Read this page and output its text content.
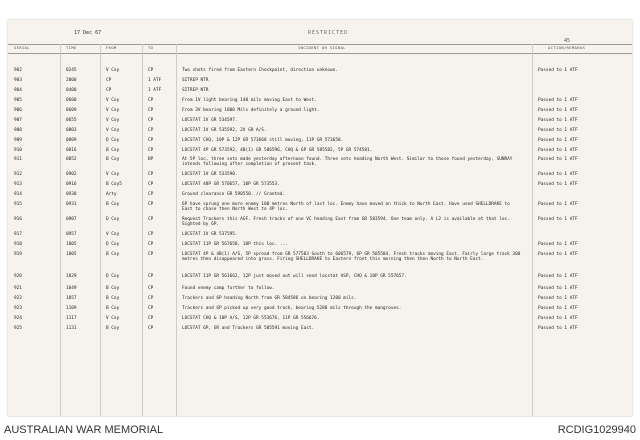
17 Dec 67	RESTRICTED
45
SERIAL	TIME	FROM	TO	INCIDENT OR SIGNAL	ACTION/REMARKS
902	0245	V Coy	CP	Two shots fired from Eastern Checkpoint, direction unknown.	Passed to 1 ATF
903	2000	CP	1 ATF	SITREP NTR
904	0400	CP	1 ATF	SITREP NTR
905	0600	V Coy	CP	From 1V light bearing 140 mils moving East to West.	Passed to 1 ATF
906	0609	V Coy	CP	From 3V bearing 1800 Mils definitely a ground light.	Passed to 1 ATF
907	0655	V Coy	CP	LOCSTAT 1V GR 534597.	Passed to 1 ATF
908	0803	V Coy	CP	LOCSTAT 1V GR 535592, 2V GR A/S.	Passed to 1 ATF
909	0809	D Coy	CP	LOCSTAT CHQ, 10P & 12P GR 573668 still moving, 11P GR 573658.	Passed to 1 ATF
910	0816	B Coy	CP	LOCSTAT 4P GR 573592, 4B(1) GR 586596, CHQ & 6P GR 585582, 5P GR 574581.	Passed to 1 ATF
911	0852	B Coy	BP	At 5P loc, three sets made yesterday afternoon found. Three sets heading North West. Similar to those found yesterday. SUNRAY intends following after completion of present task.
Passed to 1 ATF
912	0902	V Coy	CP	LOCSTAT 1V GR 533590.	Passed to 1 ATF
913	0916	B Coy5	CP	LOCSTAT 48P GR 570657, 10P GR 573553.	Passed to 1 ATF
914	0930	Arty	CP	Ground clearance GR 590550. // Granted.
915	0931	B Coy	CP	6P have sprung one more enemy 100 metres North of last loc. Enemy have moved on thick to North East. Have used SHELLDRAKE to East to chase then North West to 4P loc.
Passed to 1 ATF
916	0907	D Coy	CP	Request Trackers this AGF. Fresh tracks of one VC heading East from GR 583594. One team only. A L2 is available at that loc. Sighted by 6P.
Passed to 1 ATF
917	0957	V Coy	CP	LOCSTAT 1V GR 537595.
918	1005	D Coy	CP	LOCSTAT 11P GR 567658, 10P this loc. ...	Passed to 1 ATF
919	1005	B Coy	CP	LOCSTAT 4P & 4B(1) A/S, 5P spread from GR 577583 South to 606579, 6P GR 585584. Fresh tracks moving East. Fairly large track 300 metres then disappeared into grass. Firing SHELLDRAKE to Eastern front this morning then then North to North East.
Passed to 1 ATF
920	1029	D Coy	CP	LOCSTAT 11P GR 561662, 12P just moved out will send locstat ASP, CHQ & 10P GR 557657.	Passed to 1 ATF
921	1049	B Coy	CP	Found enemy camp further to follow.	Passed to 1 ATF
922	1057	B Coy	CP	Trackers and 6P heading North from GR 584586 on bearing 1200 mils.	Passed to 1 ATF
923	1109	B Coy	CP	Trackers and 6P picked up very good track, bearing 5280 mils through the mangroves.	Passed to 1 ATF
924	1117	V Coy	CP	LOCSTAT CHQ & 10P A/S, 12P GR 553676, 11P GR 556676.	Passed to 1 ATF
925	1131	B Coy	CP	LOCSTAT 6P, GR and Trackers GR 585591 moving East.	Passed to 1 ATF
AUSTRALIAN WAR MEMORIAL	RCDIG1029940
